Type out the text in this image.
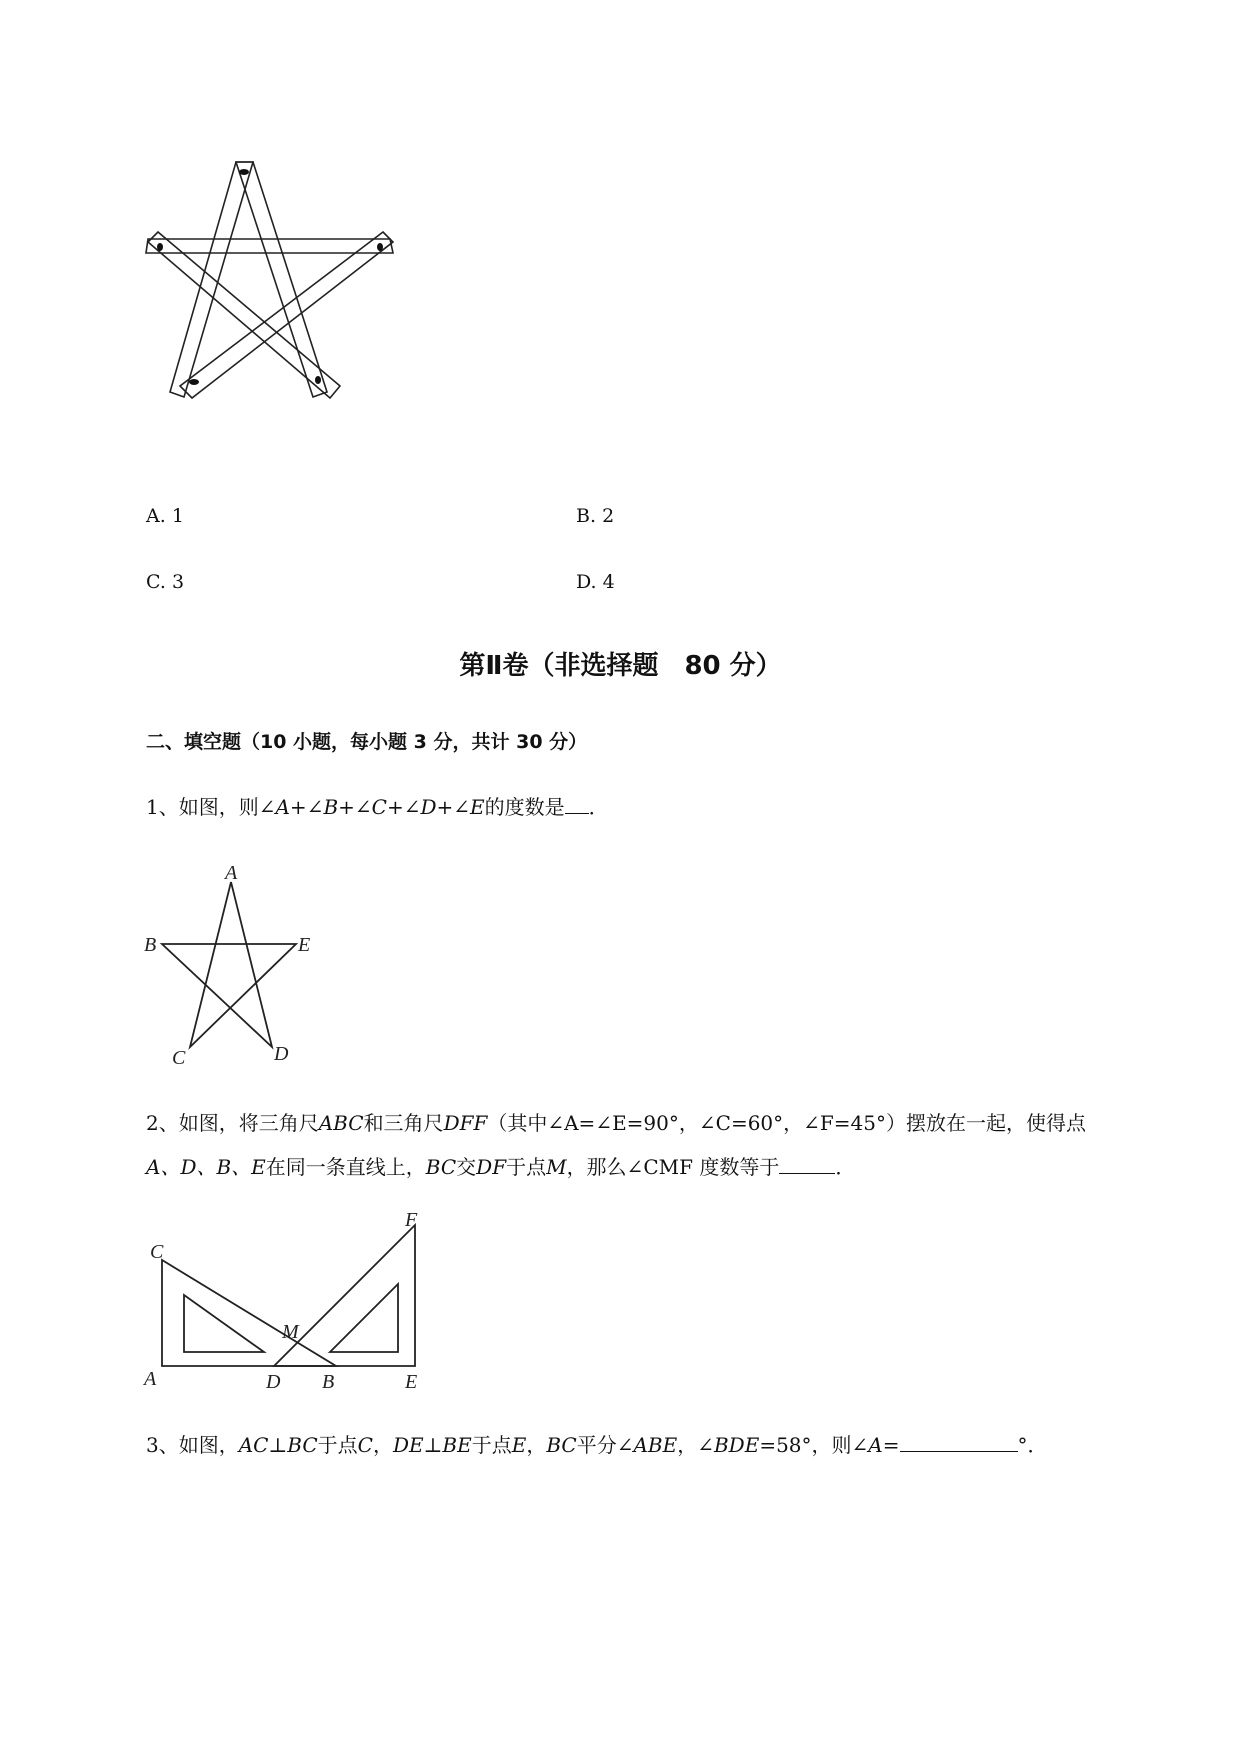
A. 1	B. 2
C. 3	D. 4
第Ⅱ卷（非选择题　80 分）
二、填空题（10 小题，每小题 3 分，共计 30 分）
1、如图，则∠A+∠B+∠C+∠D+∠E的度数是 ．
A
B	E
C	D
2、如图，将三角尺ABC和三角尺DFF（其中∠A=∠E=90°，∠C=60°，∠F=45°）摆放在一起，使得点
A、D、B、E在同一条直线上，BC交DF于点M，那么∠CMF 度数等于	．
C
A	D B	E
F
M
3、如图，AC⊥BC于点C，DE⊥BE于点E，BC平分∠ABE，∠BDE=58°，则∠A=	°．
